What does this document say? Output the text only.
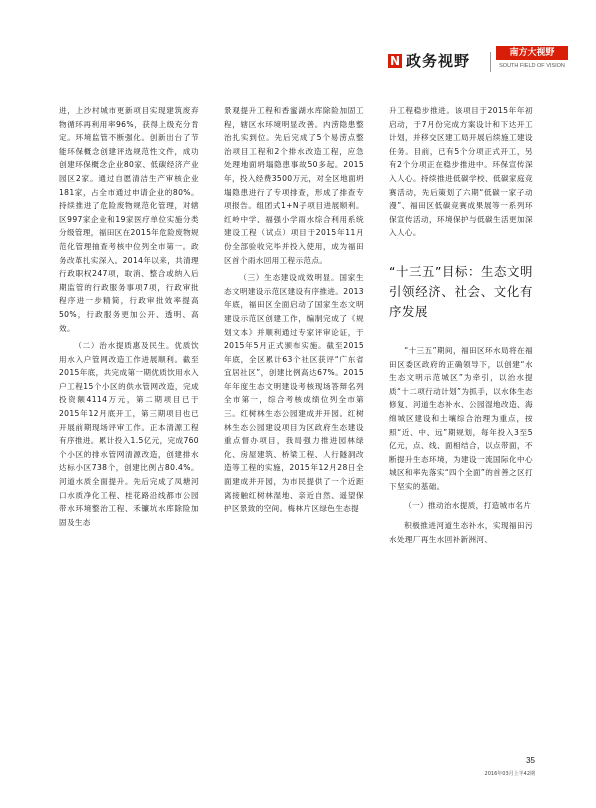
N 政务视野	南方大视野
SOUTH FIELD OF VISION

进，上沙村城市更新项目实现建筑废弃物循环再利用率96%，获得上级充分肯定。环境监管不断强化。创新出台了节能环保概念创建评选规范性文件，成功创建环保概念企业80家、低碳经济产业园区2家。通过自愿清洁生产审核企业181家，占全市通过申请企业的80%。持续推进了危险废物规范化管理，对辖区997家企业和19家医疗单位实施分类分级管理，福田区在2015年危险废物规范化管理抽查考核中位列全市第一。政务改革扎实深入。2014年以来，共清理行政职权247项，取消、整合或纳入后期监管的行政服务事项7项，行政审批程序进一步精简，行政审批效率提高50%，行政服务更加公开、透明、高效。

（二）治水提质惠及民生。优质饮用水入户管网改造工作进展顺利。截至2015年底，共完成第一期优质饮用水入户工程15个小区的供水管网改造，完成投资额4114万元，第二期项目已于2015年12月底开工，第三期项目也已开展前期现场评审工作。正本清源工程有序推进。累计投入1.5亿元，完成760个小区的排水管网清源改造，创建排水达标小区738个，创建比例占80.4%。河道水质全面提升。先后完成了凤塘河口水质净化工程、桂花路沿线都市公园带水环境整治工程、禾镰坑水库除险加固及生态

景观提升工程和香蜜湖水库除险加固工程，辖区水环境明显改善。内涝隐患整治扎实到位。先后完成了5个易涝点整治项目工程和2个排水改造工程，应急处理地面坍塌隐患事故50多起。2015年，投入经费3500万元，对全区地面坍塌隐患进行了专项排查，形成了排查专项报告。组团式1+N子项目进展顺利。红岭中学、福强小学雨水综合利用系统建设工程（试点）项目于2015年11月份全部验收完毕并投入使用，成为福田区首个雨水回用工程示范点。

（三）生态建设成效明显。国家生态文明建设示范区建设有序推进。2013年底，福田区全面启动了国家生态文明建设示范区创建工作，编制完成了《规划文本》并顺利通过专家评审论证，于2015年5月正式颁布实施。截至2015年底，全区累计63个社区获评“广东省宜居社区”，创建比例高达67%。2015年年度生态文明建设考核现场答辩名列全市第一，综合考核成绩位列全市第三。红树林生态公园建成并开园。红树林生态公园建设项目为区政府生态建设重点督办项目，我局强力推进园林绿化、房屋建筑、桥梁工程、人行隧洞改造等工程的实施，2015年12月28日全面建成并开园，为市民提供了一个近距离接触红树林湿地、亲近自然、遥望保护区景致的空间。梅林片区绿色生态提

升工程稳步推进。该项目于2015年年初启动，于7月份完成方案设计和下达开工计划，并移交区建工局开展后续施工建设任务。目前，已有5个分项正式开工，另有2个分项正在稳步推进中。环保宣传深入人心。持续推进低碳学校、低碳家庭竞赛活动，先后策划了六期“低碳一家子动漫”、福田区低碳竞赛成果展等一系列环保宣传活动，环境保护与低碳生活更加深入人心。

“十三五”目标：生态文明引领经济、社会、文化有序发展

“十三五”期间，福田区环水局将在福田区委区政府的正确领导下，以创建“水生态文明示范城区”为牵引，以治水提质“十二项行动计划”为抓手，以水体生态修复、河道生态补水、公园湿地改造、海绵城区建设和土壤综合治理为重点，按照“近、中、远”期规划，每年投入3至5亿元，点、线、面相结合，以点带面，不断提升生态环境，为建设一流国际化中心城区和率先落实“四个全面”的首善之区打下坚实的基础。

（一）推动治水提质，打造城市名片

积极推进河道生态补水，实现福田污水处理厂再生水回补新洲河、

35
2016年03月上半42期
